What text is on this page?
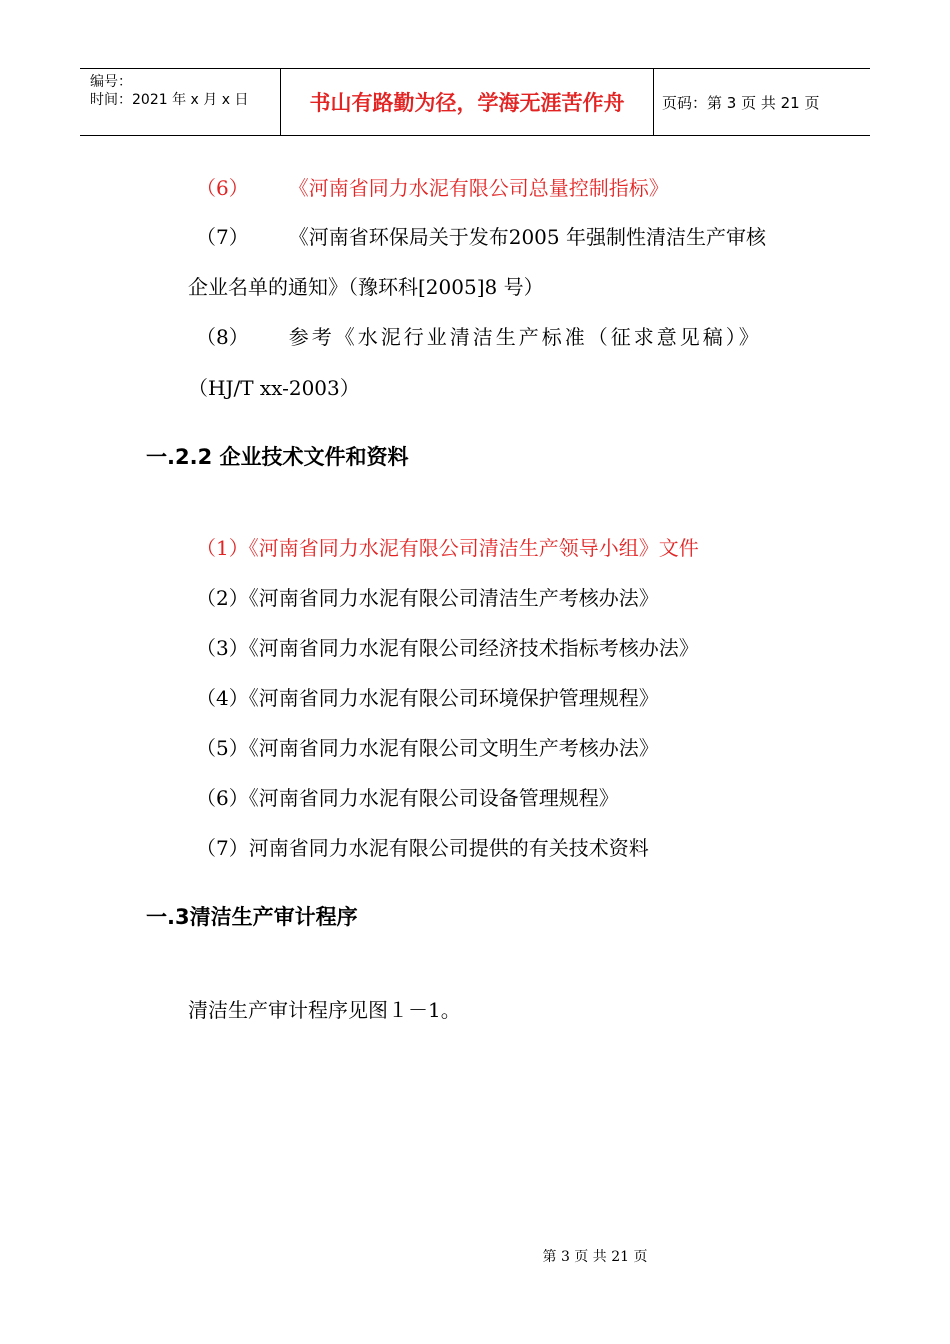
编号：
时间：2021 年 x 月 x 日	书山有路勤为径，学海无涯苦作舟	页码：第 3 页 共 21 页
（6） 《河南省同力水泥有限公司总量控制指标》
（7） 《河南省环保局关于发布2005 年强制性清洁生产审核
企业名单的通知》（豫环科[2005]8 号）
（8） 参考《水泥行业清洁生产标准（征求意见稿）》
（HJ/T xx-2003）
一.2.2 企业技术文件和资料
（1）《河南省同力水泥有限公司清洁生产领导小组》文件
（2）《河南省同力水泥有限公司清洁生产考核办法》
（3）《河南省同力水泥有限公司经济技术指标考核办法》
（4）《河南省同力水泥有限公司环境保护管理规程》
（5）《河南省同力水泥有限公司文明生产考核办法》
（6）《河南省同力水泥有限公司设备管理规程》
（7）河南省同力水泥有限公司提供的有关技术资料
一.3清洁生产审计程序
清洁生产审计程序见图１－1。
第 3 页 共 21 页
